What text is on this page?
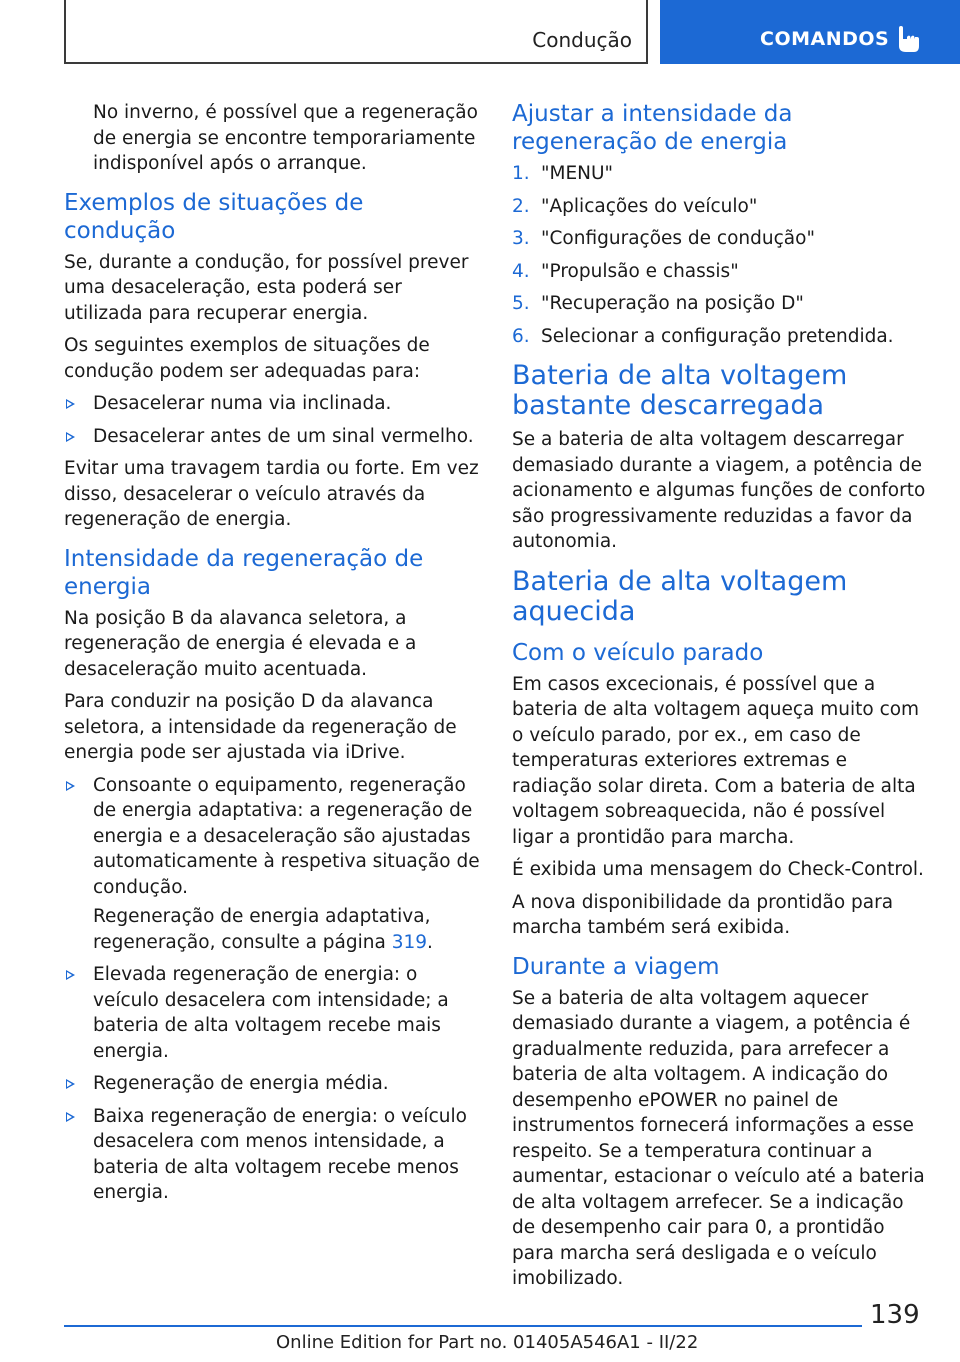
Condução	COMANDOS

No inverno, é possível que a regeneração de energia se encontre temporariamente indisponível após o arranque.

Exemplos de situações de condução

Se, durante a condução, for possível prever uma desaceleração, esta poderá ser utilizada para recuperar energia.

Os seguintes exemplos de situações de condução podem ser adequadas para:

Desacelerar numa via inclinada.
Desacelerar antes de um sinal vermelho.

Evitar uma travagem tardia ou forte. Em vez disso, desacelerar o veículo através da regeneração de energia.

Intensidade da regeneração de energia

Na posição B da alavanca seletora, a regeneração de energia é elevada e a desaceleração muito acentuada.

Para conduzir na posição D da alavanca seletora, a intensidade da regeneração de energia pode ser ajustada via iDrive.

Consoante o equipamento, regeneração de energia adaptativa: a regeneração de energia e a desaceleração são ajustadas automaticamente à respetiva situação de condução.
Regeneração de energia adaptativa, regeneração, consulte a página 319.
Elevada regeneração de energia: o veículo desacelera com intensidade; a bateria de alta voltagem recebe mais energia.
Regeneração de energia média.
Baixa regeneração de energia: o veículo desacelera com menos intensidade, a bateria de alta voltagem recebe menos energia.
Ajustar a intensidade da regeneração de energia
1. "MENU"
2. "Aplicações do veículo"
3. "Configurações de condução"
4. "Propulsão e chassis"
5. "Recuperação na posição D"
6. Selecionar a configuração pretendida.
Bateria de alta voltagem bastante descarregada

Se a bateria de alta voltagem descarregar demasiado durante a viagem, a potência de acionamento e algumas funções de conforto são progressivamente reduzidas a favor da autonomia.

Bateria de alta voltagem aquecida
Com o veículo parado

Em casos excecionais, é possível que a bateria de alta voltagem aqueça muito com o veículo parado, por ex., em caso de temperaturas exteriores extremas e radiação solar direta. Com a bateria de alta voltagem sobreaquecida, não é possível ligar a prontidão para marcha.

É exibida uma mensagem do Check-Control.

A nova disponibilidade da prontidão para marcha também será exibida.

Durante a viagem

Se a bateria de alta voltagem aquecer demasiado durante a viagem, a potência é gradualmente reduzida, para arrefecer a bateria de alta voltagem. A indicação do desempenho ePOWER no painel de instrumentos fornecerá informações a esse respeito. Se a temperatura continuar a aumentar, estacionar o veículo até a bateria de alta voltagem arrefecer. Se a indicação de desempenho cair para 0, a prontidão para marcha será desligada e o veículo imobilizado.

139
Online Edition for Part no. 01405A546A1 - II/22
